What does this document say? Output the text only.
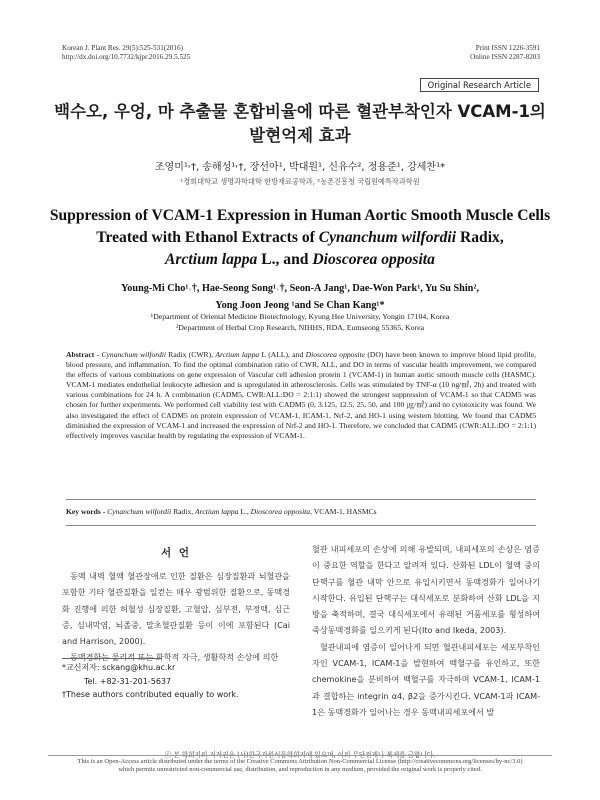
Korean J. Plant Res. 29(5):525-531(2016)
http://dx.doi.org/10.7732/kjpr.2016.29.5.525
Print ISSN 1226-3591
Online ISSN 2287-8203
Original Research Article
백수오, 우엉, 마 추출물 혼합비율에 따른 혈관부착인자 VCAM-1의
발현억제 효과
조영미¹˒†, 송해성¹˒†, 장선아¹, 박대원¹, 신유수², 정용준¹, 강세찬¹*
¹경희대학교 생명과학대학 한방재료공학과, ²농촌진흥청 국립원예특작과학원
Suppression of VCAM-1 Expression in Human Aortic Smooth Muscle Cells
Treated with Ethanol Extracts of Cynanchum wilfordii Radix,
Arctium lappa L., and Dioscorea opposita
Young-Mi Cho¹˒†, Hae-Seong Song¹˒†, Seon-A Jang¹, Dae-Won Park¹, Yu Su Shin²,
Yong Joon Jeong ¹and Se Chan Kang¹*
¹Department of Oriental Medicine Biotechnology, Kyung Hee University, Yongin 17104, Korea
²Department of Herbal Crop Research, NIHHS, RDA, Eumseong 55365, Korea
Abstract - Cynanchum wilfordii Radix (CWR), Arctium lappa L (ALL), and Dioscorea opposite (DO) have been known to improve blood lipid profile, blood pressure, and inflammation. To find the optimal combination ratio of CWR, ALL, and DO in terms of vascular health improvement, we compared the effects of various combinations on gene expression of Vascular cell adhesion protein 1 (VCAM-1) in human aortic smooth muscle cells (HASMC). VCAM-1 mediates endothelial leukocyte adhesion and is upregulated in atherosclerosis. Cells was stimulated by TNF-α (10 ng/㎖, 2h) and treated with various combinations for 24 h. A combination (CADM5, CWR:ALL:DO = 2:1:1) showed the strongest suppression of VCAM-1 so that CADM5 was chosen for further experiments. We performed cell viability test with CADM5 (0, 3.125, 12.5, 25, 50, and 100 ㎍/㎖) and no cytotoxicity was found. We also investigated the effect of CADM5 on protein expression of VCAM-1, ICAM-1, Nrf-2, and HO-1 using western blotting. We found that CADM5 diminished the expression of VCAM-1 and increased the expression of Nrf-2 and HO-1. Therefore, we concluded that CADM5 (CWR:ALL:DO = 2:1:1) effectively improves vascular health by regulating the expression of VCAM-1.
Key words - Cynanchum wilfordii Radix, Arctium lappa L., Dioscorea opposita, VCAM-1, HASMCs
서 언

동맥 내벽 혈액 혈관장애로 인한 질환은 심장질환과 뇌혈관을 포함한 기타 혈관질환을 일컫는 매우 광범위한 질환으로, 동맥경화 진행에 의한 허혈성 심장질환, 고혈압, 심부전, 부정맥, 심근증, 심내막염, 뇌졸중, 말초혈관질환 등이 이에 포함된다 (Cai and Harrison, 2000).

동맥경화는 물리적 또는 화학적 자극, 생활학적 손상에 의한

혈관 내피세포의 손상에 의해 유발되며, 내피세포의 손상은 염증이 중요한 역할을 한다고 알려져 있다. 산화된 LDL이 혈액 중의 단핵구를 혈관 내막 안으로 유입시키면서 동맥경화가 일어나기 시작한다. 유입된 단핵구는 대식세포로 분화하여 산화 LDL을 지방을 축적하며, 결국 대식세포에서 유래된 거품세포를 형성하여 죽상동맥경화를 일으키게 된다(Ito and Ikeda, 2003).

혈관내피에 염증이 일어나게 되면 혈관내피세포는 세포부착인자인 VCAM-1, ICAM-1을 발현하여 백혈구를 유인하고, 또한 chemokine을 분비하여 백혈구를 자극하며 VCAM-1, ICAM-1과 결합하는 integrin α4, β2을 증가시킨다. VCAM-1과 ICAM-1은 동맥경화가 일어나는 경우 동맥내피세포에서 발

*교신저자: sckang@khu.ac.kr
Tel. +82-31-201-5637
†These authors contributed equally to work.
ⓒ 본 학회지의 저작권은 (사)한국자원식물학회지에 있으며, 이의 무단전재나 복제를 금합니다.
This is an Open-Access article distributed under the terms of the Creative Commons Attribution Non-Commercial License (http://creativecommons.org/licenses/by-nc/3.0)
which permits unrestricted non-commercial use, distribution, and reproduction in any medium, provided the original work is properly cited.
